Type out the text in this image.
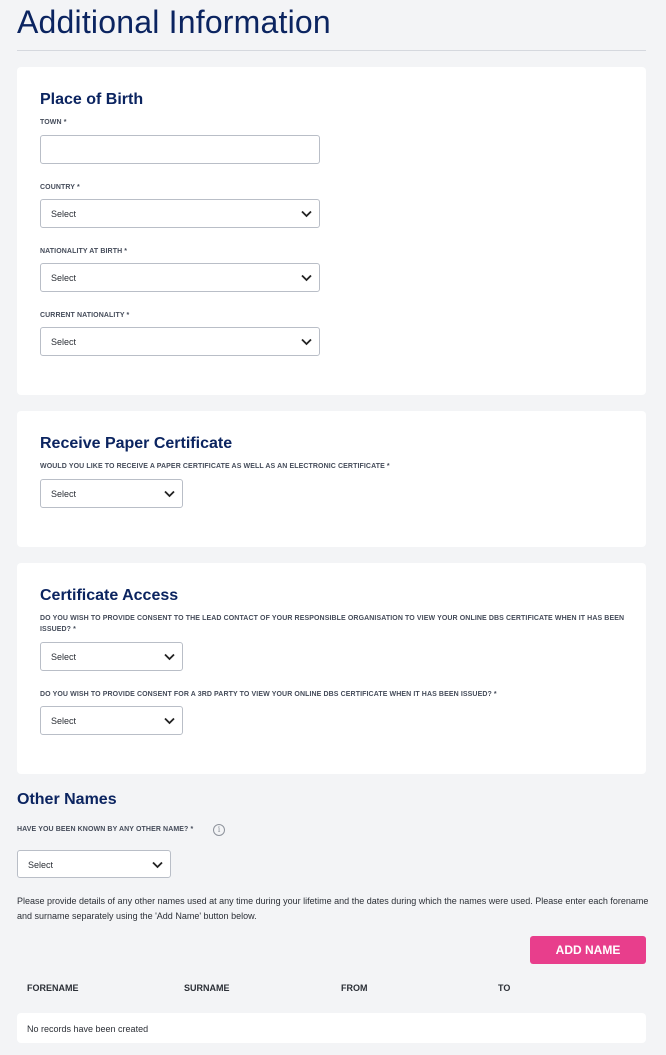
Additional Information
Place of Birth
TOWN *
COUNTRY *
Select
NATIONALITY AT BIRTH *
Select
CURRENT NATIONALITY *
Select
Receive Paper Certificate
WOULD YOU LIKE TO RECEIVE A PAPER CERTIFICATE AS WELL AS AN ELECTRONIC CERTIFICATE *
Select
Certificate Access
DO YOU WISH TO PROVIDE CONSENT TO THE LEAD CONTACT OF YOUR RESPONSIBLE ORGANISATION TO VIEW YOUR ONLINE DBS CERTIFICATE WHEN IT HAS BEEN ISSUED? *
Select
DO YOU WISH TO PROVIDE CONSENT FOR A 3RD PARTY TO VIEW YOUR ONLINE DBS CERTIFICATE WHEN IT HAS BEEN ISSUED? *
Select
Other Names
HAVE YOU BEEN KNOWN BY ANY OTHER NAME? *	i
Select

Please provide details of any other names used at any time during your lifetime and the dates during which the names were used. Please enter each forename and surname separately using the 'Add Name' button below.

ADD NAME
FORENAME	SURNAME	FROM	TO
No records have been created
